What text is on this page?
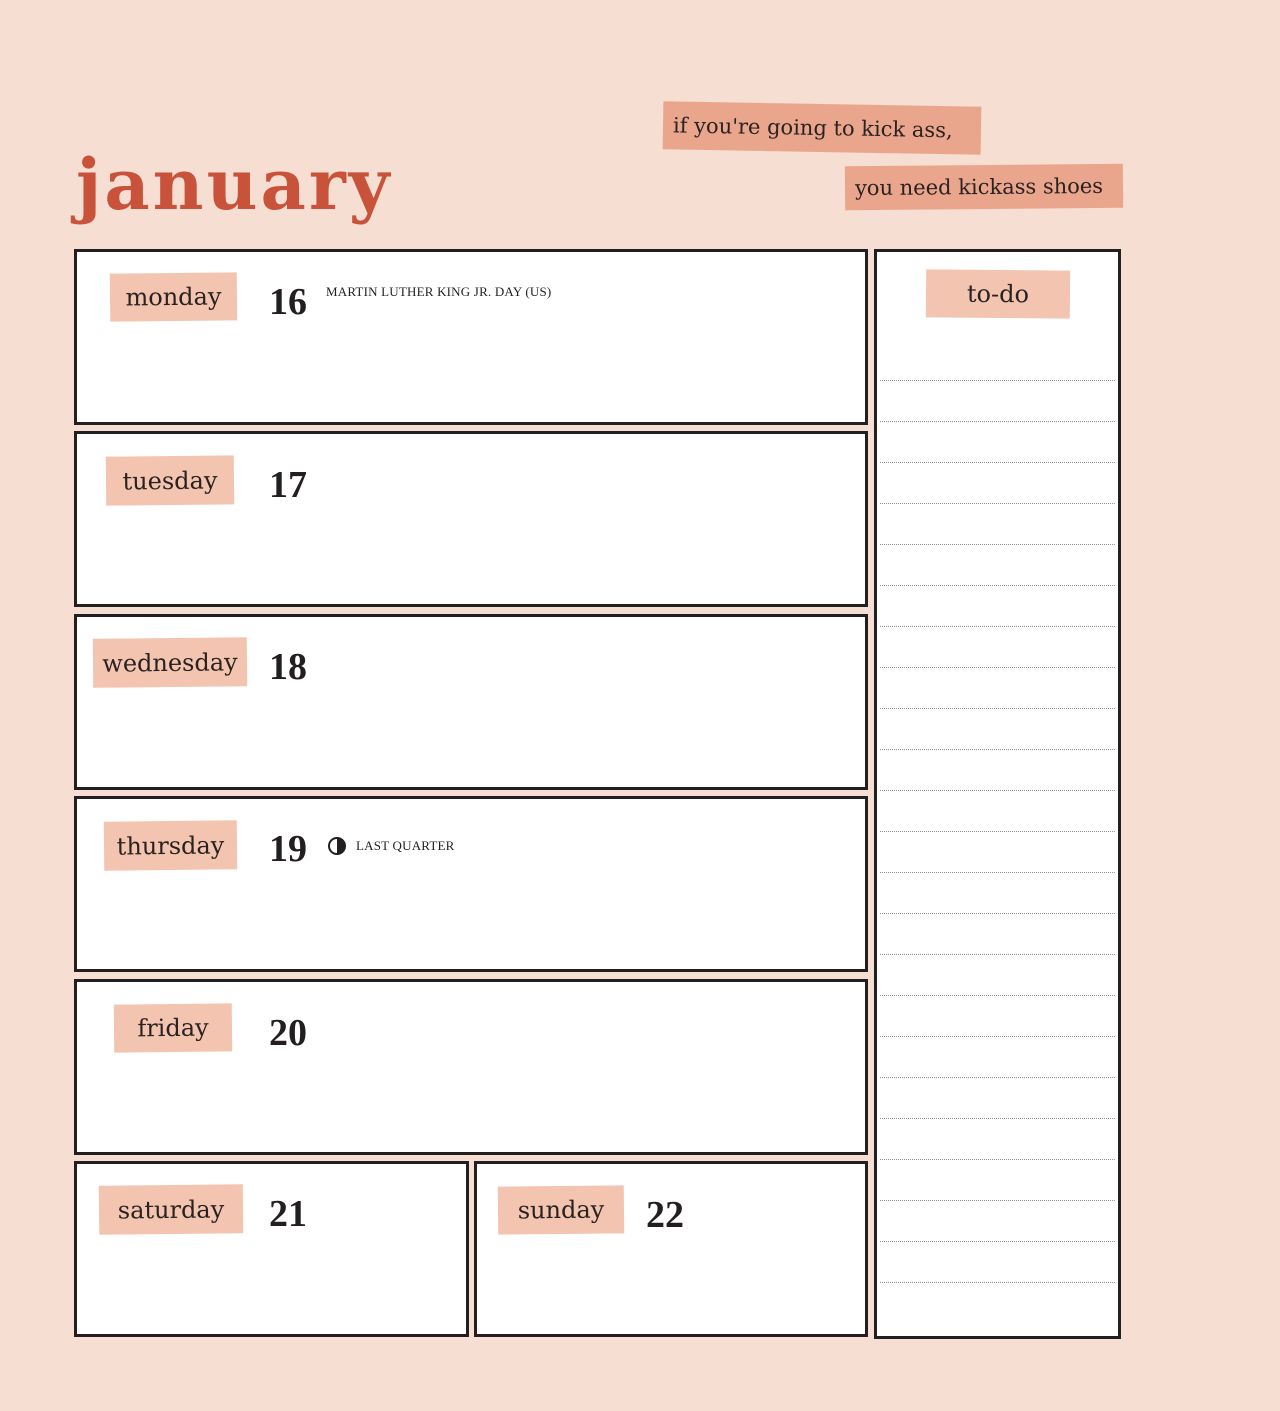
january
if you're going to kick ass,
you need kickass shoes
monday	16 MARTIN LUTHER KING JR. DAY (US)
tuesday	17
wednesday 18
thursday	19	LAST QUARTER
friday	20
saturday	21	sunday	22
to-do
